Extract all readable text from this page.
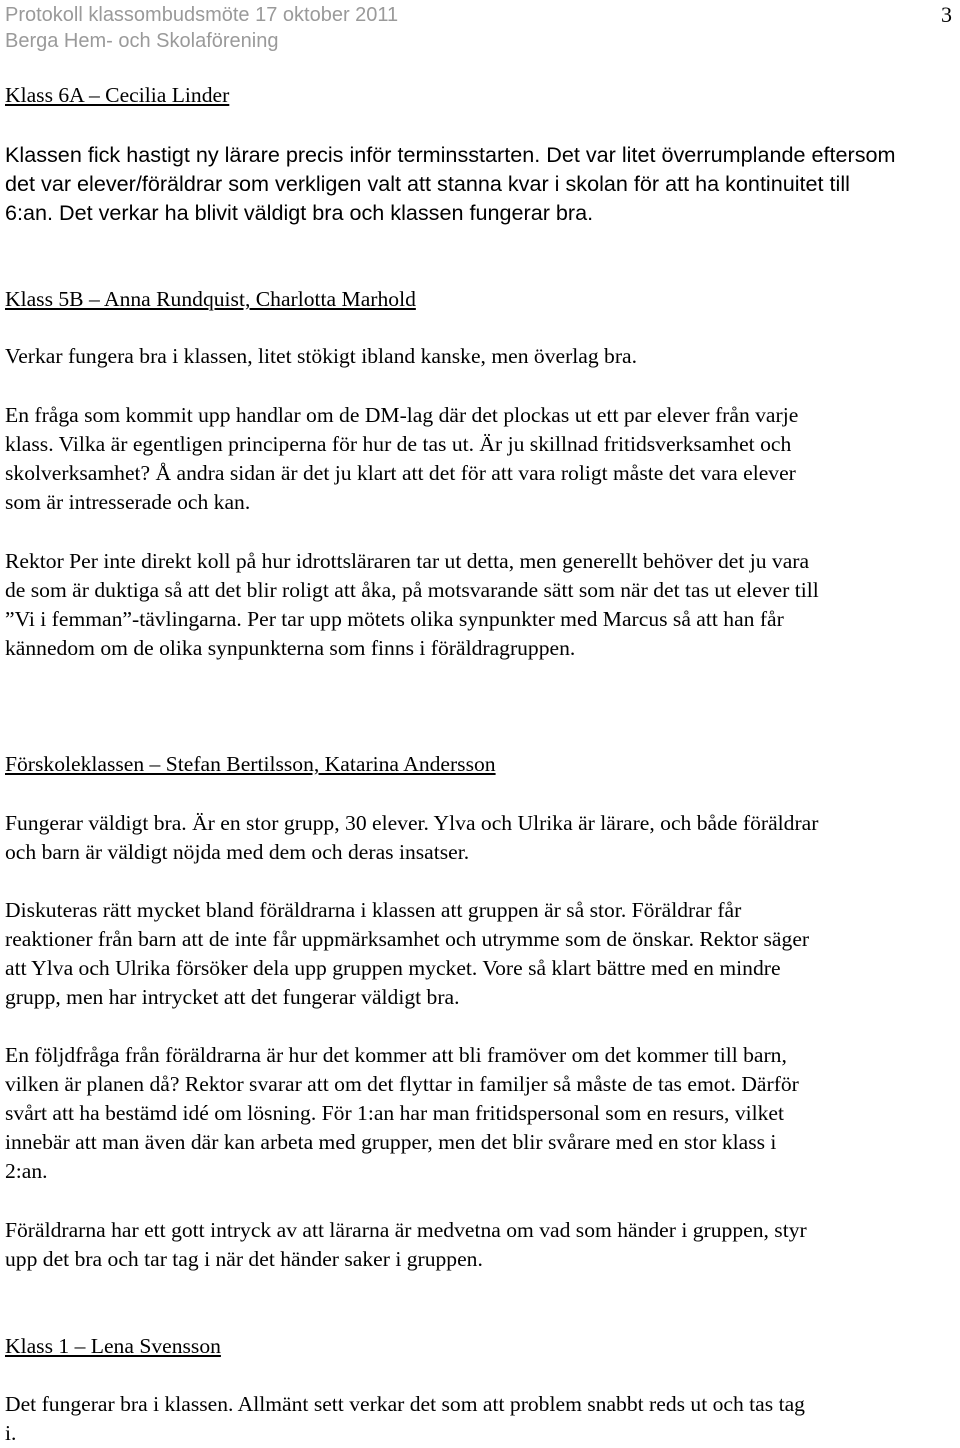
Protokoll klassombudsmöte 17 oktober 2011
Berga Hem- och Skolaförening
3
Klass 6A – Cecilia Linder
Klassen fick hastigt ny lärare precis inför terminsstarten. Det var litet överrumplande eftersom
det var elever/föräldrar som verkligen valt att stanna kvar i skolan för att ha kontinuitet till
6:an. Det verkar ha blivit väldigt bra och klassen fungerar bra.
Klass 5B – Anna Rundquist, Charlotta Marhold
Verkar fungera bra i klassen, litet stökigt ibland kanske, men överlag bra.
En fråga som kommit upp handlar om de DM-lag där det plockas ut ett par elever från varje
klass. Vilka är egentligen principerna för hur de tas ut. Är ju skillnad fritidsverksamhet och
skolverksamhet? Å andra sidan är det ju klart att det för att vara roligt måste det vara elever
som är intresserade och kan.
Rektor Per inte direkt koll på hur idrottsläraren tar ut detta, men generellt behöver det ju vara
de som är duktiga så att det blir roligt att åka, på motsvarande sätt som när det tas ut elever till
”Vi i femman”-tävlingarna. Per tar upp mötets olika synpunkter med Marcus så att han får
kännedom om de olika synpunkterna som finns i föräldragruppen.
Förskoleklassen – Stefan Bertilsson, Katarina Andersson
Fungerar väldigt bra. Är en stor grupp, 30 elever. Ylva och Ulrika är lärare, och både föräldrar
och barn är väldigt nöjda med dem och deras insatser.
Diskuteras rätt mycket bland föräldrarna i klassen att gruppen är så stor. Föräldrar får
reaktioner från barn att de inte får uppmärksamhet och utrymme som de önskar. Rektor säger
att Ylva och Ulrika försöker dela upp gruppen mycket. Vore så klart bättre med en mindre
grupp, men har intrycket att det fungerar väldigt bra.
En följdfråga från föräldrarna är hur det kommer att bli framöver om det kommer till barn,
vilken är planen då? Rektor svarar att om det flyttar in familjer så måste de tas emot. Därför
svårt att ha bestämd idé om lösning. För 1:an har man fritidspersonal som en resurs, vilket
innebär att man även där kan arbeta med grupper, men det blir svårare med en stor klass i
2:an.
Föräldrarna har ett gott intryck av att lärarna är medvetna om vad som händer i gruppen, styr
upp det bra och tar tag i när det händer saker i gruppen.
Klass 1 – Lena Svensson
Det fungerar bra i klassen. Allmänt sett verkar det som att problem snabbt reds ut och tas tag
i.
